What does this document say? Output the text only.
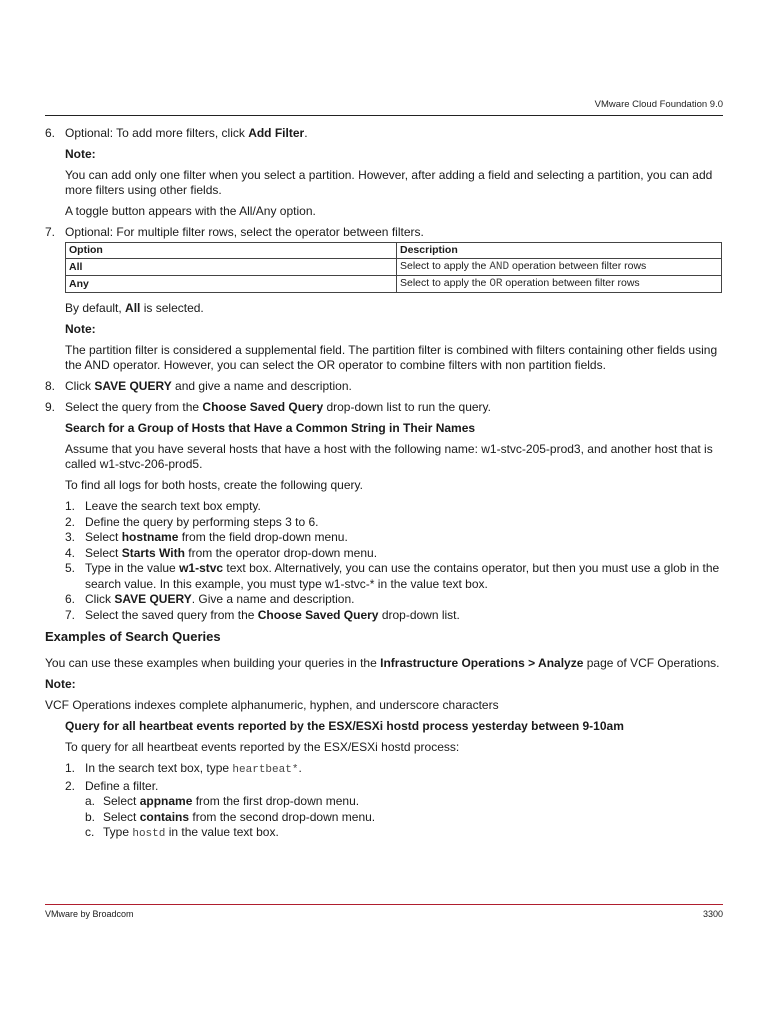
VMware Cloud Foundation 9.0
6. Optional: To add more filters, click Add Filter.
Note:
You can add only one filter when you select a partition. However, after adding a field and selecting a partition, you can add more filters using other fields.
A toggle button appears with the All/Any option.
7. Optional: For multiple filter rows, select the operator between filters.
Option	Description
All	Select to apply the AND operation between filter rows
Any	Select to apply the OR operation between filter rows
By default, All is selected.
Note:
The partition filter is considered a supplemental field. The partition filter is combined with filters containing other fields using the AND operator. However, you can select the OR operator to combine filters with non partition fields.
8. Click SAVE QUERY and give a name and description.
9. Select the query from the Choose Saved Query drop-down list to run the query.
Search for a Group of Hosts that Have a Common String in Their Names
Assume that you have several hosts that have a host with the following name: w1-stvc-205-prod3, and another host that is called w1-stvc-206-prod5.
To find all logs for both hosts, create the following query.
1. Leave the search text box empty.
2. Define the query by performing steps 3 to 6.
3. Select hostname from the field drop-down menu.
4. Select Starts With from the operator drop-down menu.
5. Type in the value w1-stvc text box. Alternatively, you can use the contains operator, but then you must use a glob in the search value. In this example, you must type w1-stvc-* in the value text box.
6. Click SAVE QUERY. Give a name and description.
7. Select the saved query from the Choose Saved Query drop-down list.
Examples of Search Queries
You can use these examples when building your queries in the Infrastructure Operations > Analyze page of VCF Operations.
Note:
VCF Operations indexes complete alphanumeric, hyphen, and underscore characters
Query for all heartbeat events reported by the ESX/ESXi hostd process yesterday between 9-10am
To query for all heartbeat events reported by the ESX/ESXi hostd process:
1. In the search text box, type heartbeat*.
2. Define a filter.
a. Select appname from the first drop-down menu.
b. Select contains from the second drop-down menu.
c. Type hostd in the value text box.
VMware by Broadcom	3300
